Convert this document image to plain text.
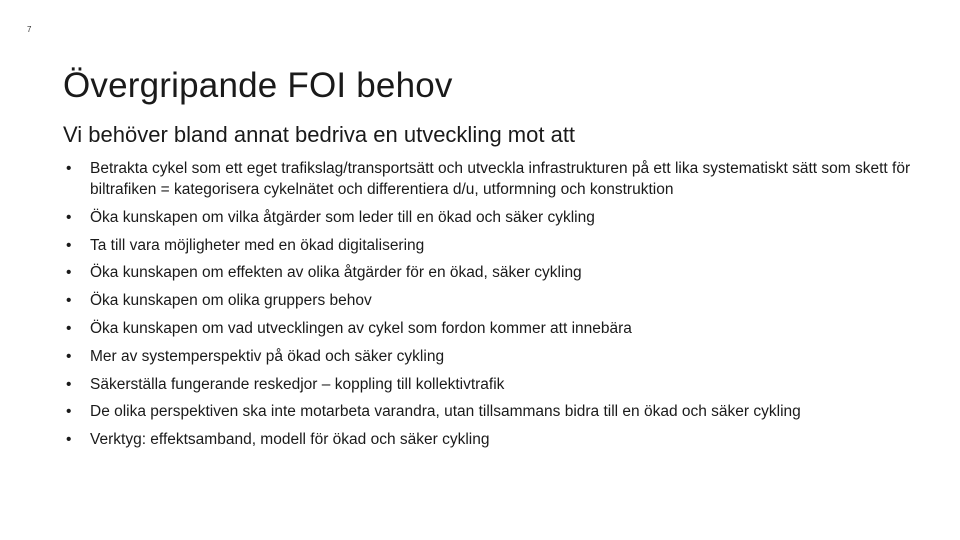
7
Övergripande FOI behov
Vi behöver bland annat bedriva en utveckling mot att
• Betrakta cykel som ett eget trafikslag/transportsätt och utveckla infrastrukturen på ett lika systematiskt sätt som skett för biltrafiken = kategorisera cykelnätet och differentiera d/u, utformning och konstruktion
• Öka kunskapen om vilka åtgärder som leder till en ökad och säker cykling
• Ta till vara möjligheter med en ökad digitalisering
• Öka kunskapen om effekten av olika åtgärder för en ökad, säker cykling
• Öka kunskapen om olika gruppers behov
• Öka kunskapen om vad utvecklingen av cykel som fordon kommer att innebära
• Mer av systemperspektiv på ökad och säker cykling
• Säkerställa fungerande reskedjor – koppling till kollektivtrafik
• De olika perspektiven ska inte motarbeta varandra, utan tillsammans bidra till en ökad och säker cykling
• Verktyg: effektsamband, modell för ökad och säker cykling
